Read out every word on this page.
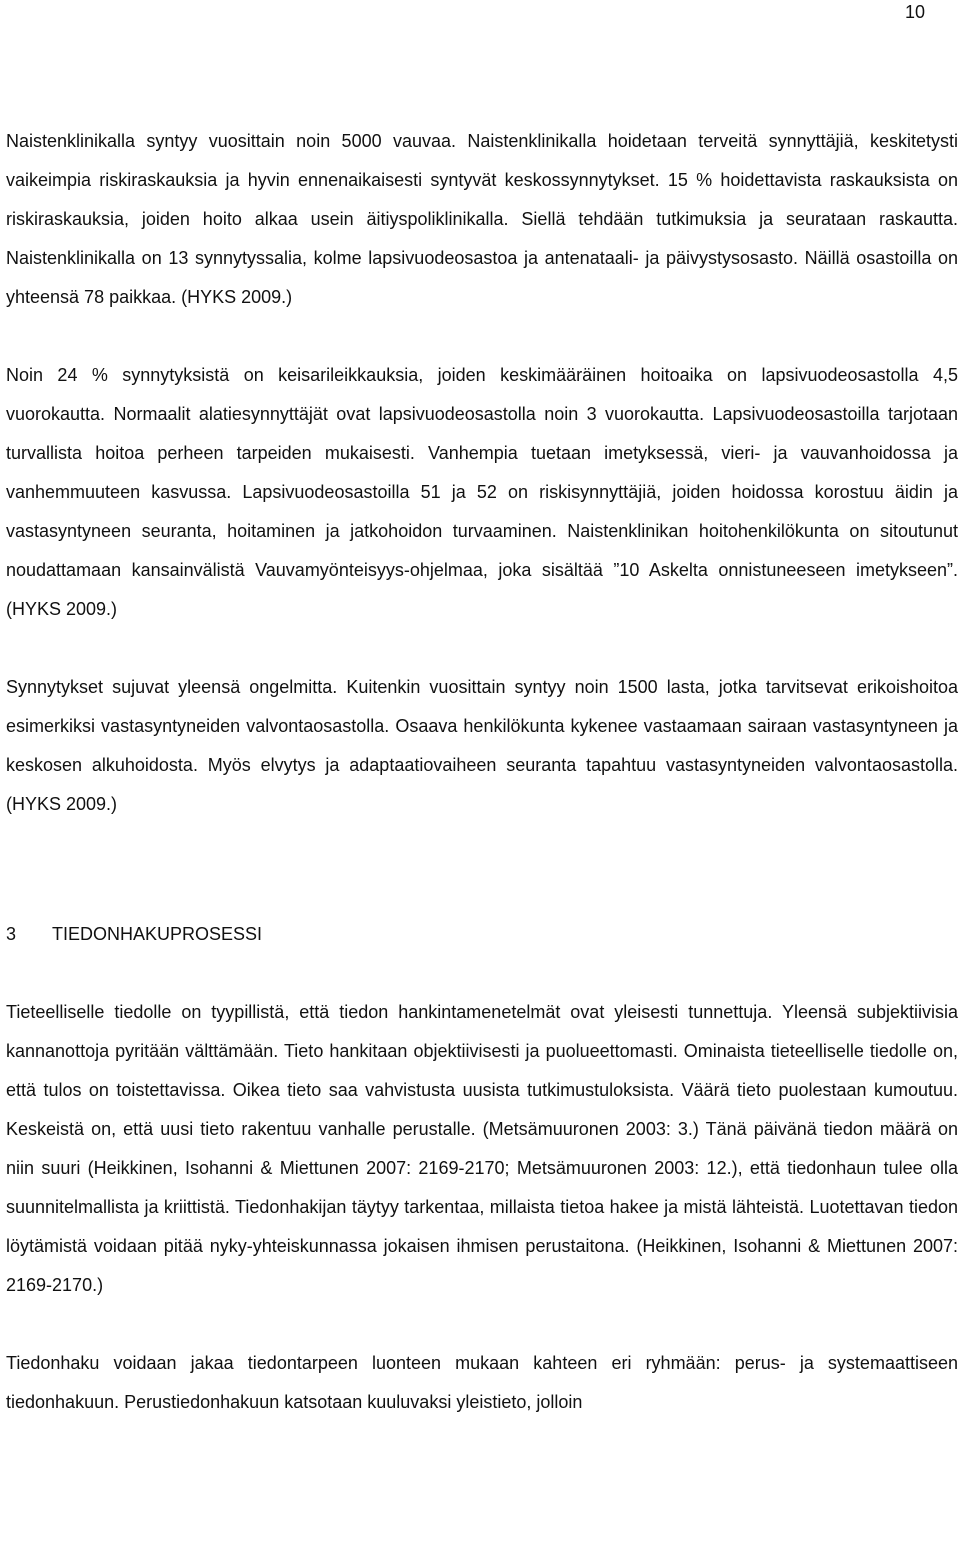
10

Naistenklinikalla syntyy vuosittain noin 5000 vauvaa. Naistenklinikalla hoidetaan terveitä synnyttäjiä, keskitetysti vaikeimpia riskiraskauksia ja hyvin ennenaikaisesti syntyvät keskossynnytykset. 15 % hoidettavista raskauksista on riskiraskauksia, joiden hoito alkaa usein äitiyspoliklinikalla. Siellä tehdään tutkimuksia ja seurataan raskautta. Naistenklinikalla on 13 synnytyssalia, kolme lapsivuodeosastoa ja antenataali- ja päivystysosasto. Näillä osastoilla on yhteensä 78 paikkaa. (HYKS 2009.)

Noin 24 % synnytyksistä on keisarileikkauksia, joiden keskimääräinen hoitoaika on lapsivuodeosastolla 4,5 vuorokautta. Normaalit alatiesynnyttäjät ovat lapsivuodeosastolla noin 3 vuorokautta. Lapsivuodeosastoilla tarjotaan turvallista hoitoa perheen tarpeiden mukaisesti. Vanhempia tuetaan imetyksessä, vieri- ja vauvanhoidossa ja vanhemmuuteen kasvussa. Lapsivuodeosastoilla 51 ja 52 on riskisynnyttäjiä, joiden hoidossa korostuu äidin ja vastasyntyneen seuranta, hoitaminen ja jatkohoidon turvaaminen. Naistenklinikan hoitohenkilökunta on sitoutunut noudattamaan kansainvälistä Vauvamyönteisyys-ohjelmaa, joka sisältää ”10 Askelta onnistuneeseen imetykseen”. (HYKS 2009.)

Synnytykset sujuvat yleensä ongelmitta. Kuitenkin vuosittain syntyy noin 1500 lasta, jotka tarvitsevat erikoishoitoa esimerkiksi vastasyntyneiden valvontaosastolla. Osaava henkilökunta kykenee vastaamaan sairaan vastasyntyneen ja keskosen alkuhoidosta. Myös elvytys ja adaptaatiovaiheen seuranta tapahtuu vastasyntyneiden valvontaosastolla. (HYKS 2009.)

3 TIEDONHAKUPROSESSI

Tieteelliselle tiedolle on tyypillistä, että tiedon hankintamenetelmät ovat yleisesti tunnettuja. Yleensä subjektiivisia kannanottoja pyritään välttämään. Tieto hankitaan objektiivisesti ja puolueettomasti. Ominaista tieteelliselle tiedolle on, että tulos on toistettavissa. Oikea tieto saa vahvistusta uusista tutkimustuloksista. Väärä tieto puolestaan kumoutuu. Keskeistä on, että uusi tieto rakentuu vanhalle perustalle. (Metsämuuronen 2003: 3.) Tänä päivänä tiedon määrä on niin suuri (Heikkinen, Isohanni & Miettunen 2007: 2169-2170; Metsämuuronen 2003: 12.), että tiedonhaun tulee olla suunnitelmallista ja kriittistä. Tiedonhakijan täytyy tarkentaa, millaista tietoa hakee ja mistä lähteistä. Luotettavan tiedon löytämistä voidaan pitää nyky-yhteiskunnassa jokaisen ihmisen perustaitona. (Heikkinen, Isohanni & Miettunen 2007: 2169-2170.)

Tiedonhaku voidaan jakaa tiedontarpeen luonteen mukaan kahteen eri ryhmään: perus- ja systemaattiseen tiedonhakuun. Perustiedonhakuun katsotaan kuuluvaksi yleistieto, jolloin
